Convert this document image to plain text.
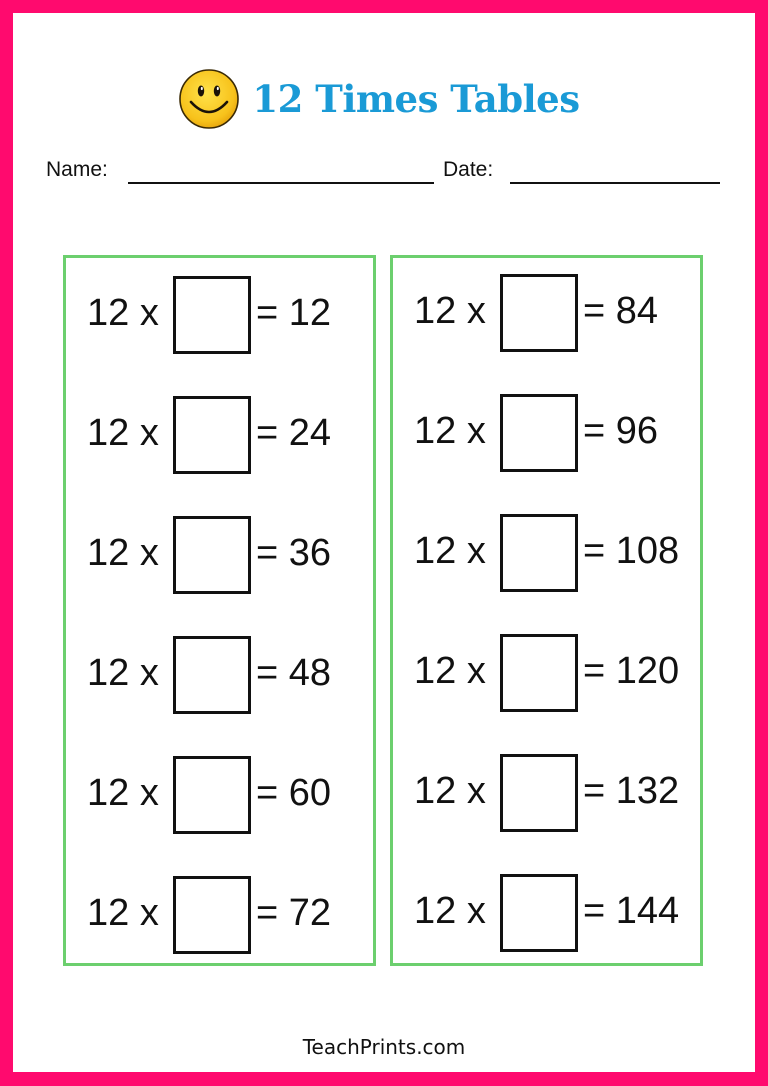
12 Times Tables
Name:	Date:
12 x	= 12
12 x	= 24
12 x	= 36
12 x	= 48
12 x	= 60
12 x	= 72
12 x	= 84
12 x	= 96
12 x	= 108
12 x	= 120
12 x	= 132
12 x	= 144
TeachPrints.com
